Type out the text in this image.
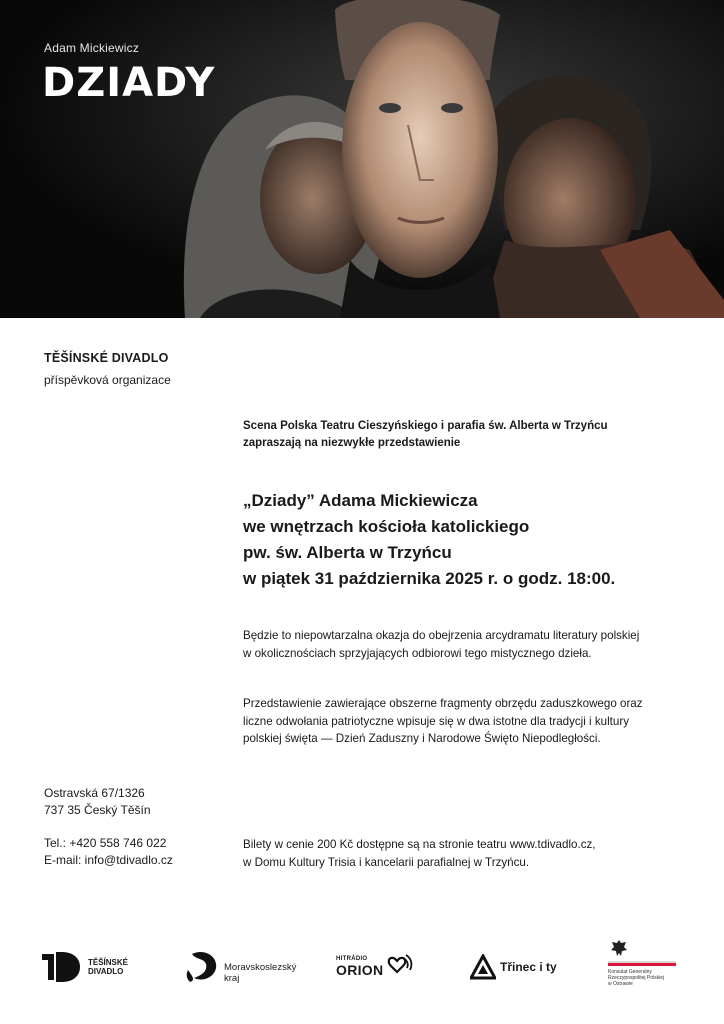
Adam Mickiewicz
DZIADY
TĚŠÍNSKÉ DIVADLO
příspěvková organizace
Ostravská 67/1326
737 35 Český Těšín
Tel.: +420 558 746 022
E-mail: info@tdivadlo.cz
Scena Polska Teatru Cieszyńskiego i parafia św. Alberta w Trzyńcu
zapraszają na niezwykłe przedstawienie
„Dziady” Adama Mickiewicza
we wnętrzach kościoła katolickiego
pw. św. Alberta w Trzyńcu
w piątek 31 października 2025 r. o godz. 18:00.
Będzie to niepowtarzalna okazja do obejrzenia arcydramatu literatury polskiej
w okolicznościach sprzyjających odbiorowi tego mistycznego dzieła.
Przedstawienie zawierające obszerne fragmenty obrzędu zaduszkowego oraz
liczne odwołania patriotyczne wpisuje się w dwa istotne dla tradycji i kultury
polskiej święta — Dzień Zaduszny i Narodowe Święto Niepodległości.
Bilety w cenie 200 Kč dostępne są na stronie teatru www.tdivadlo.cz,
w Domu Kultury Trisia i kancelarii parafialnej w Trzyńcu.
TĚŠÍNSKÉ
DIVADLO	Moravskoslezský
kraj
HITRÁDIO
ORION	Třinec i ty	Konsulat Generalny
Rzeczypospolitej Polskiej
w Ostrawie
